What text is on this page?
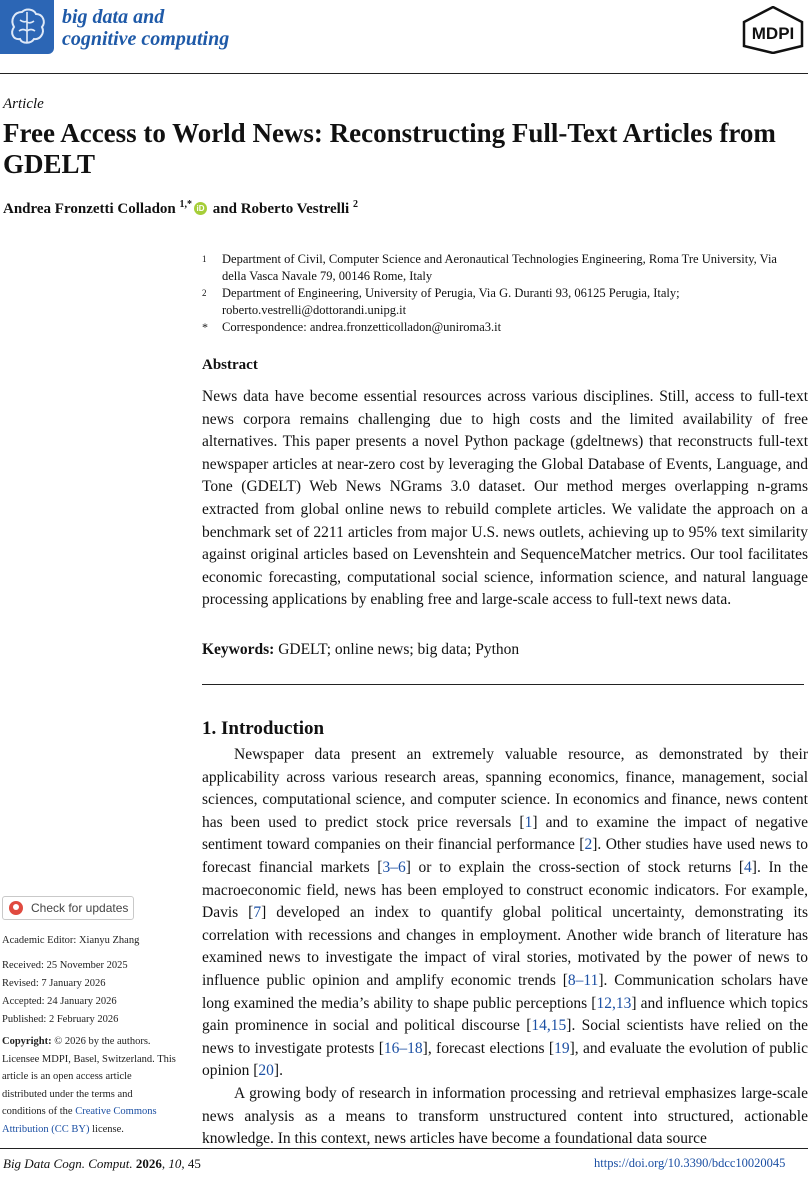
big data and
cognitive computing	MDPI
Article
Free Access to World News: Reconstructing Full-Text Articles from GDELT
Andrea Fronzetti Colladon $^{1,*}$ iD and Roberto Vestrelli $^2$
1 Department of Civil, Computer Science and Aeronautical Technologies Engineering, Roma Tre University, Via della Vasca Navale 79, 00146 Rome, Italy
2 Department of Engineering, University of Perugia, Via G. Duranti 93, 06125 Perugia, Italy; roberto.vestrelli@dottorandi.unipg.it
* Correspondence: andrea.fronzetticolladon@uniroma3.it
Abstract
News data have become essential resources across various disciplines. Still, access to full-text news corpora remains challenging due to high costs and the limited availability of free alternatives. This paper presents a novel Python package (gdeltnews) that reconstructs full-text newspaper articles at near-zero cost by leveraging the Global Database of Events, Language, and Tone (GDELT) Web News NGrams 3.0 dataset. Our method merges overlapping n-grams extracted from global online news to rebuild complete articles. We validate the approach on a benchmark set of 2211 articles from major U.S. news outlets, achieving up to 95% text similarity against original articles based on Levenshtein and SequenceMatcher metrics. Our tool facilitates economic forecasting, computational social science, information science, and natural language processing applications by enabling free and large-scale access to full-text news data.
Keywords: GDELT; online news; big data; Python
1. Introduction

Newspaper data present an extremely valuable resource, as demonstrated by their applicability across various research areas, spanning economics, finance, management, social sciences, computational science, and computer science. In economics and finance, news content has been used to predict stock price reversals [1] and to examine the impact of negative sentiment toward companies on their financial performance [2]. Other studies have used news to forecast financial markets [3–6] or to explain the cross-section of stock returns [4]. In the macroeconomic field, news has been employed to construct economic indicators. For example, Davis [7] developed an index to quantify global political uncertainty, demonstrating its correlation with recessions and changes in employment. Another wide branch of literature has examined news to investigate the impact of viral stories, motivated by the power of news to influence public opinion and amplify economic trends [8–11]. Communication scholars have long examined the media’s ability to shape public perceptions [12,13] and influence which topics gain prominence in social and political discourse [14,15]. Social scientists have relied on the news to investigate protests [16–18], forecast elections [19], and evaluate the evolution of public opinion [20].

A growing body of research in information processing and retrieval emphasizes large-scale news analysis as a means to transform unstructured content into structured, actionable knowledge. In this context, news articles have become a foundational data source

Check for updates
Academic Editor: Xianyu Zhang
Received: 25 November 2025
Revised: 7 January 2026
Accepted: 24 January 2026
Published: 2 February 2026
Copyright: © 2026 by the authors. Licensee MDPI, Basel, Switzerland. This article is an open access article distributed under the terms and conditions of the Creative Commons Attribution (CC BY) license.
Big Data Cogn. Comput. 2026, 10, 45	https://doi.org/10.3390/bdcc10020045
